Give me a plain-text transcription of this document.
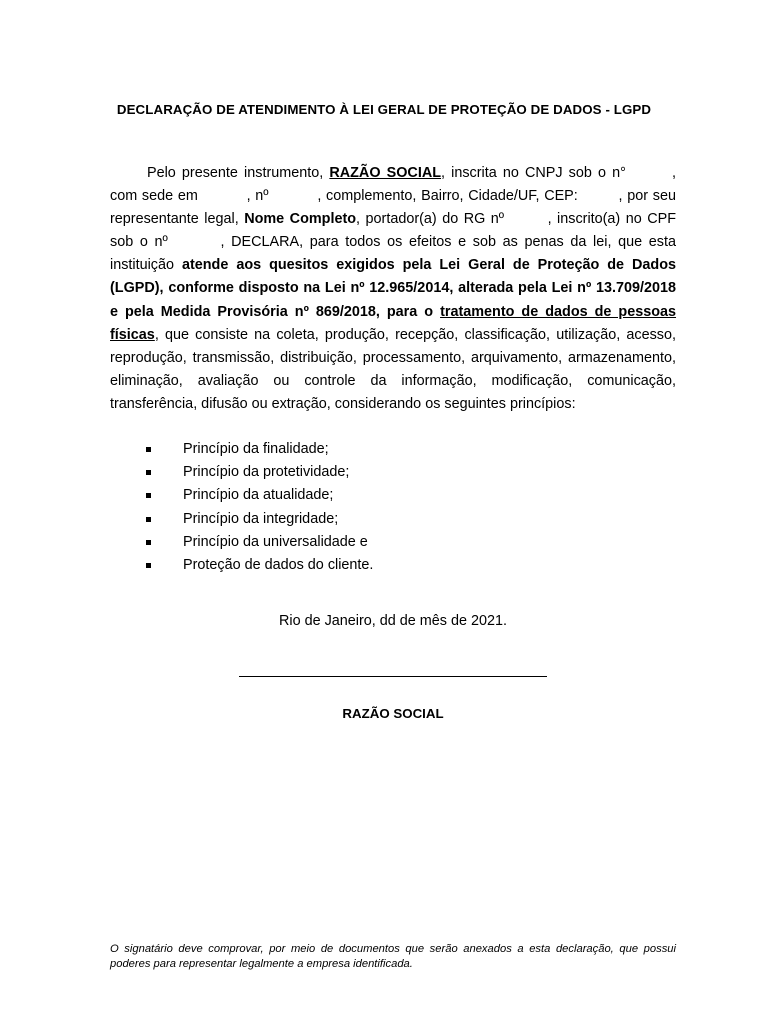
DECLARAÇÃO DE ATENDIMENTO À LEI GERAL DE PROTEÇÃO DE DADOS - LGPD

Pelo presente instrumento, RAZÃO SOCIAL, inscrita no CNPJ sob o n°	, com sede em	, nº	, complemento, Bairro, Cidade/UF, CEP:	, por seu representante legal, Nome Completo, portador(a) do RG nº	, inscrito(a) no CPF sob o nº	, DECLARA, para todos os efeitos e sob as penas da lei, que esta instituição atende aos quesitos exigidos pela Lei Geral de Proteção de Dados (LGPD), conforme disposto na Lei nº 12.965/2014, alterada pela Lei nº 13.709/2018 e pela Medida Provisória nº 869/2018, para o tratamento de dados de pessoas físicas, que consiste na coleta, produção, recepção, classificação, utilização, acesso, reprodução, transmissão, distribuição, processamento, arquivamento, armazenamento, eliminação, avaliação ou controle da informação, modificação, comunicação, transferência, difusão ou extração, considerando os seguintes princípios:

Princípio da finalidade;
Princípio da protetividade;
Princípio da atualidade;
Princípio da integridade;
Princípio da universalidade e
Proteção de dados do cliente.
Rio de Janeiro, dd de mês de 2021.
RAZÃO SOCIAL

O signatário deve comprovar, por meio de documentos que serão anexados a esta declaração, que possui poderes para representar legalmente a empresa identificada.
